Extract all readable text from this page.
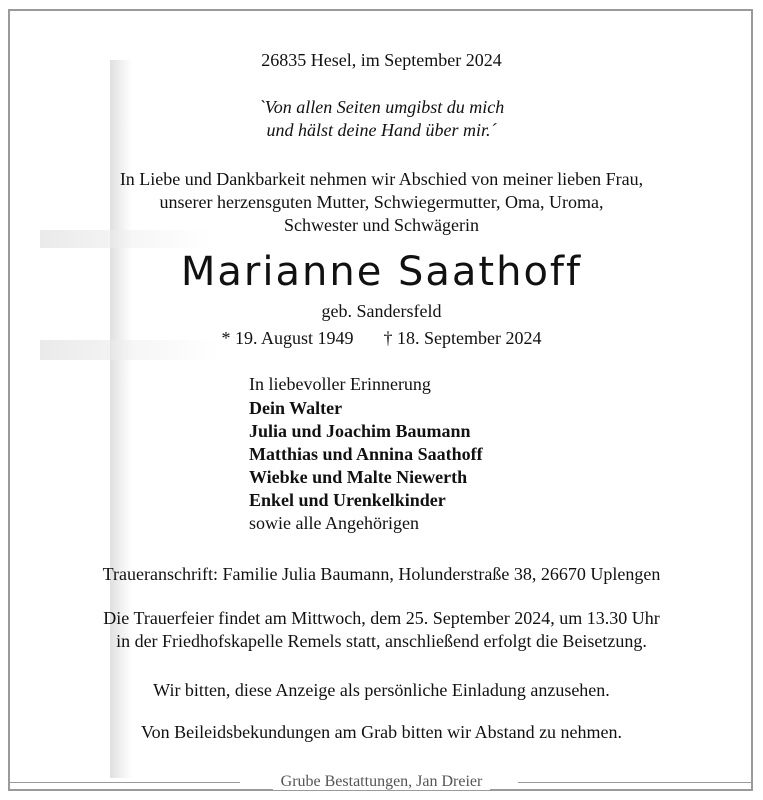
26835 Hesel, im September 2024
`Von allen Seiten umgibst du mich
und hälst deine Hand über mir.´
In Liebe und Dankbarkeit nehmen wir Abschied von meiner lieben Frau,
unserer herzensguten Mutter, Schwiegermutter, Oma, Uroma,
Schwester und Schwägerin
Marianne Saathoff
geb. Sandersfeld
* 19. August 1949 † 18. September 2024
In liebevoller Erinnerung
Dein Walter
Julia und Joachim Baumann
Matthias und Annina Saathoff
Wiebke und Malte Niewerth
Enkel und Urenkelkinder
sowie alle Angehörigen
Traueranschrift: Familie Julia Baumann, Holunderstraße 38, 26670 Uplengen
Die Trauerfeier findet am Mittwoch, dem 25. September 2024, um 13.30 Uhr
in der Friedhofskapelle Remels statt, anschließend erfolgt die Beisetzung.
Wir bitten, diese Anzeige als persönliche Einladung anzusehen.
Von Beileidsbekundungen am Grab bitten wir Abstand zu nehmen.
Grube Bestattungen, Jan Dreier
